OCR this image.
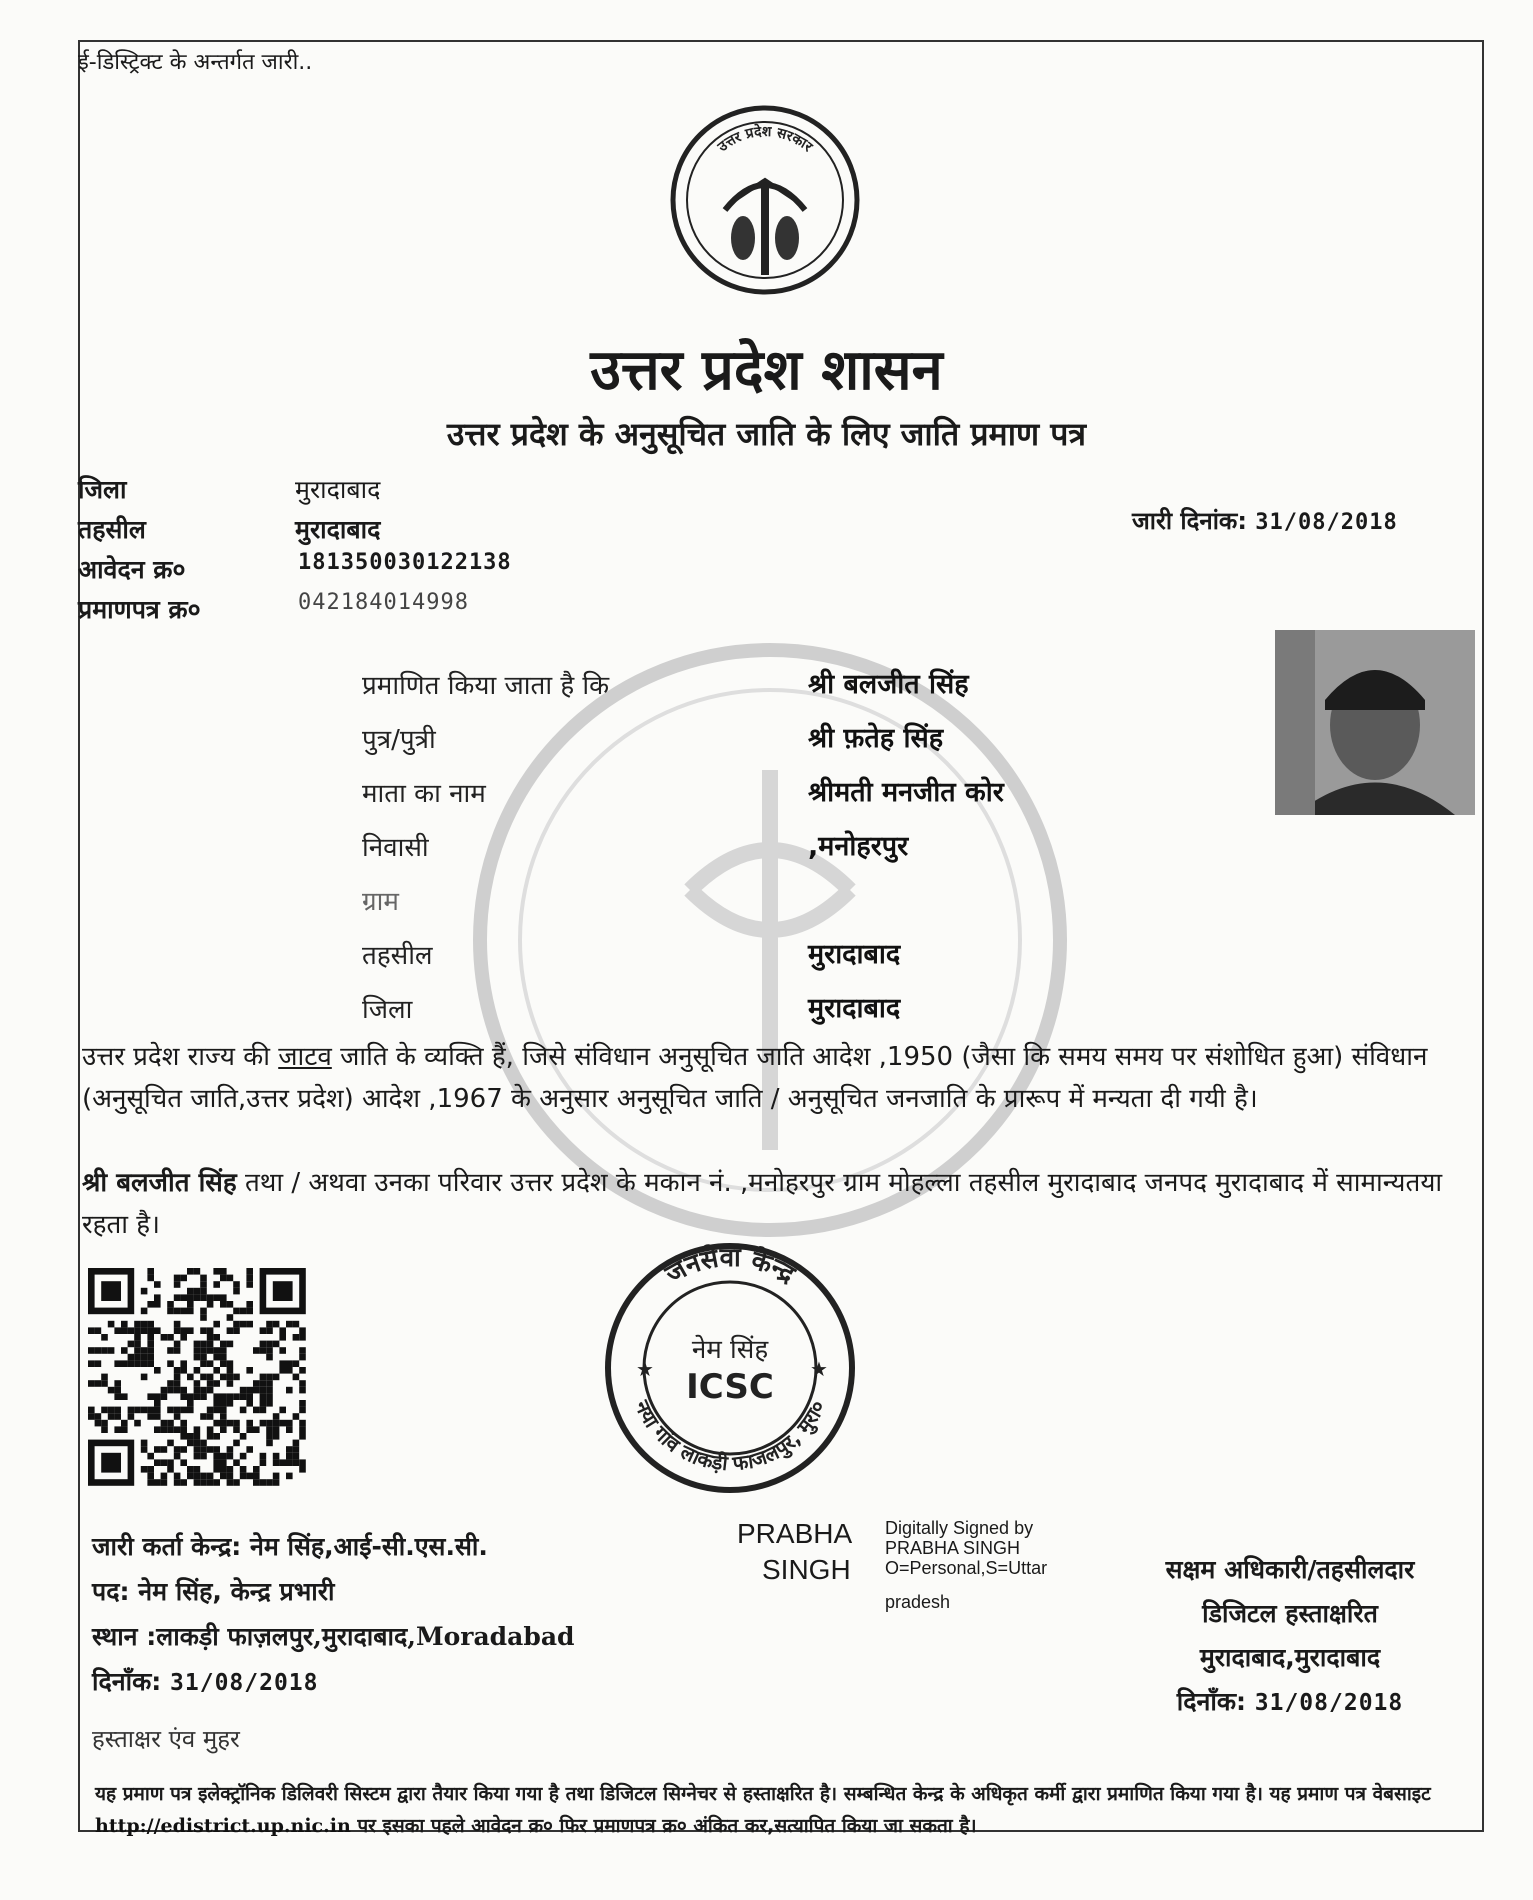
ई-डिस्ट्रिक्ट के अन्तर्गत जारी..
उत्तर प्रदेश सरकार
उत्तर प्रदेश शासन
उत्तर प्रदेश के अनुसूचित जाति के लिए जाति प्रमाण पत्र
जिला	मुरादाबाद
तहसील	मुरादाबाद
आवेदन क्र०	181350030122138
प्रमाणपत्र क्र०	042184014998
जारी दिनांक: 31/08/2018
प्रमाणित किया जाता है कि	श्री बलजीत सिंह
पुत्र/पुत्री	श्री फ़तेह सिंह
माता का नाम	श्रीमती मनजीत कोर
निवासी	,मनोहरपुर
ग्राम
तहसील	मुरादाबाद
जिला	मुरादाबाद
उत्तर प्रदेश राज्य की जाटव जाति के व्यक्ति हैं, जिसे संविधान अनुसूचित जाति आदेश ,1950 (जैसा कि समय समय पर संशोधित हुआ) संविधान (अनुसूचित जाति,उत्तर प्रदेश) आदेश ,1967 के अनुसार अनुसूचित जाति / अनुसूचित जनजाति के प्रारूप में मन्यता दी गयी है।
श्री बलजीत सिंह तथा / अथवा उनका परिवार उत्तर प्रदेश के मकान नं. ,मनोहरपुर ग्राम मोहल्ला तहसील मुरादाबाद जनपद मुरादाबाद में सामान्यतया रहता है।
जनसेवा केन्द्र
नया गांव लाकड़ी फाजलपुर, मुरा०
नेम सिंह
ICSC
★	★
जारी कर्ता केन्द्र: नेम सिंह,आई-सी.एस.सी.
पद: नेम सिंह, केन्द्र प्रभारी
स्थान :लाकड़ी फाज़लपुर,मुरादाबाद,Moradabad
दिनाँक: 31/08/2018
PRABHA
SINGH
Digitally Signed by
PRABHA SINGH
O=Personal,S=Uttar
pradesh
सक्षम अधिकारी/तहसीलदार
डिजिटल हस्ताक्षरित
मुरादाबाद,मुरादाबाद
दिनाँक: 31/08/2018
हस्ताक्षर एंव मुहर
यह प्रमाण पत्र इलेक्ट्रॉनिक डिलिवरी सिस्टम द्वारा तैयार किया गया है तथा डिजिटल सिग्नेचर से हस्ताक्षरित है। सम्बन्धित केन्द्र के अधिकृत कर्मी द्वारा प्रमाणित किया गया है। यह प्रमाण पत्र वेबसाइट http://edistrict.up.nic.in पर इसका पहले आवेदन क्र० फिर प्रमाणपत्र क्र० अंकित कर,सत्यापित किया जा सकता है।
